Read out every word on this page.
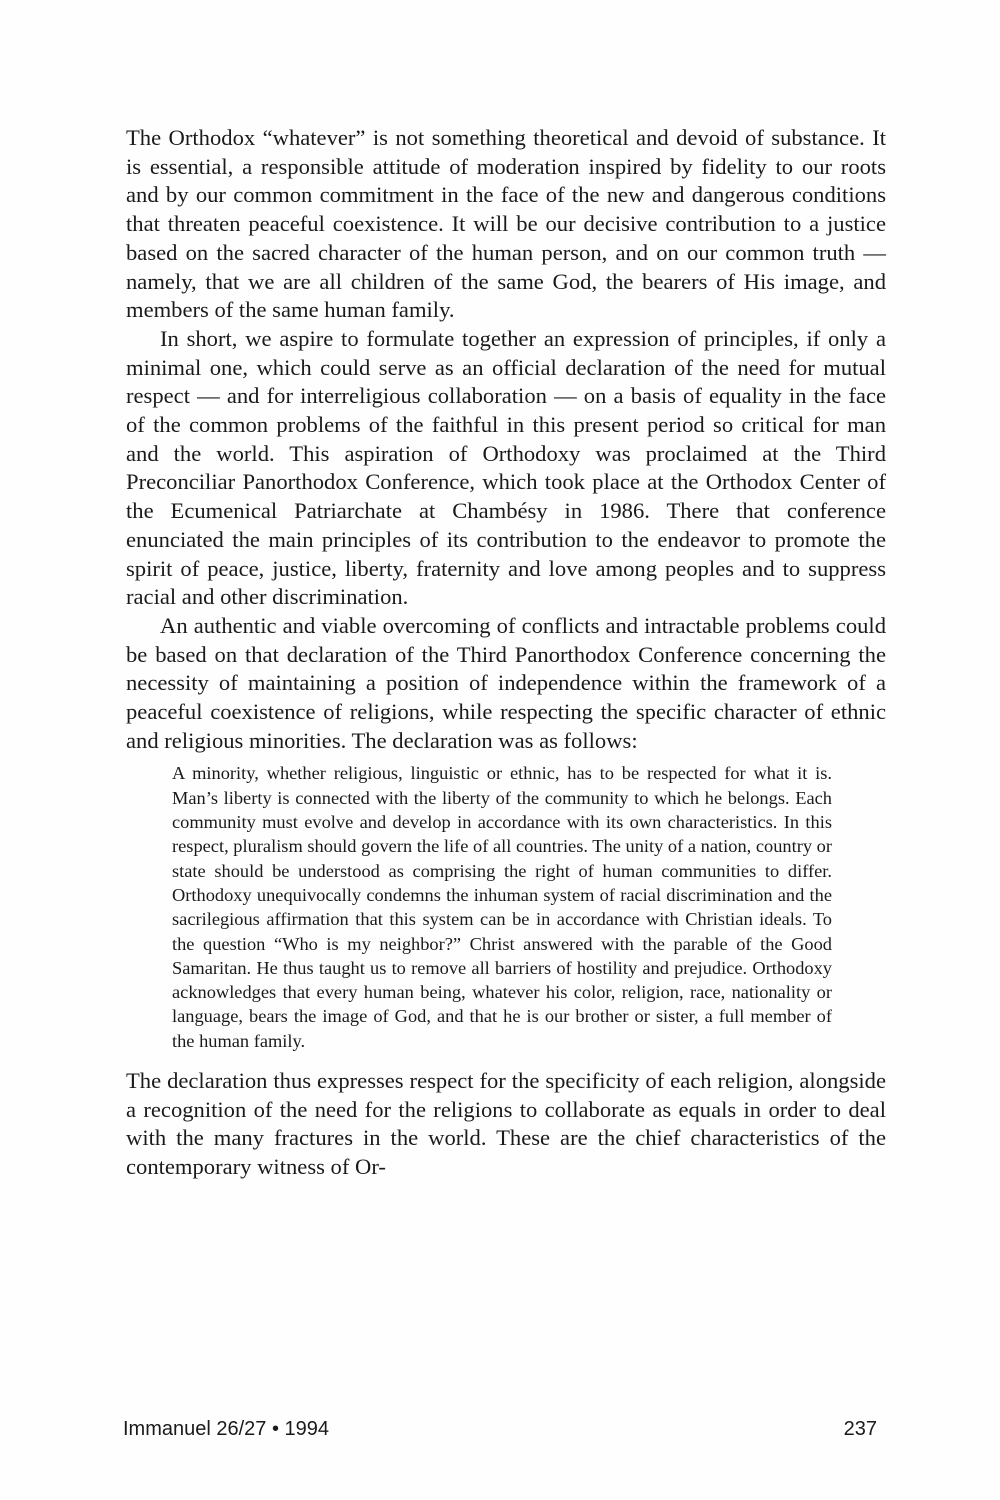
The Orthodox “whatever” is not something theoretical and devoid of substance. It is essential, a responsible attitude of moderation inspired by fidelity to our roots and by our common commitment in the face of the new and dangerous conditions that threaten peaceful coexistence. It will be our decisive contribution to a justice based on the sacred character of the human person, and on our common truth — namely, that we are all children of the same God, the bearers of His image, and members of the same human family.

In short, we aspire to formulate together an expression of principles, if only a minimal one, which could serve as an official declaration of the need for mutual respect — and for interreligious collaboration — on a basis of equality in the face of the common problems of the faithful in this present period so critical for man and the world. This aspiration of Orthodoxy was proclaimed at the Third Preconciliar Panorthodox Conference, which took place at the Orthodox Center of the Ecumenical Patriarchate at Chambésy in 1986. There that conference enunciated the main principles of its contribution to the endeavor to promote the spirit of peace, justice, liberty, fraternity and love among peoples and to suppress racial and other discrimination.

An authentic and viable overcoming of conflicts and intractable problems could be based on that declaration of the Third Panorthodox Conference concerning the necessity of maintaining a position of independence within the framework of a peaceful coexistence of religions, while respecting the specific character of ethnic and religious minorities. The declaration was as follows:

A minority, whether religious, linguistic or ethnic, has to be respected for what it is. Man’s liberty is connected with the liberty of the community to which he belongs. Each community must evolve and develop in accordance with its own characteristics. In this respect, pluralism should govern the life of all countries. The unity of a nation, country or state should be understood as comprising the right of human communities to differ. Orthodoxy unequivocally condemns the inhuman system of racial discrimination and the sacrilegious affirmation that this system can be in accordance with Christian ideals. To the question “Who is my neighbor?” Christ answered with the parable of the Good Samaritan. He thus taught us to remove all barriers of hostility and prejudice. Orthodoxy acknowledges that every human being, whatever his color, religion, race, nationality or language, bears the image of God, and that he is our brother or sister, a full member of the human family.

The declaration thus expresses respect for the specificity of each religion, alongside a recognition of the need for the religions to collaborate as equals in order to deal with the many fractures in the world. These are the chief characteristics of the contemporary witness of Or-

Immanuel 26/27 • 1994	237
